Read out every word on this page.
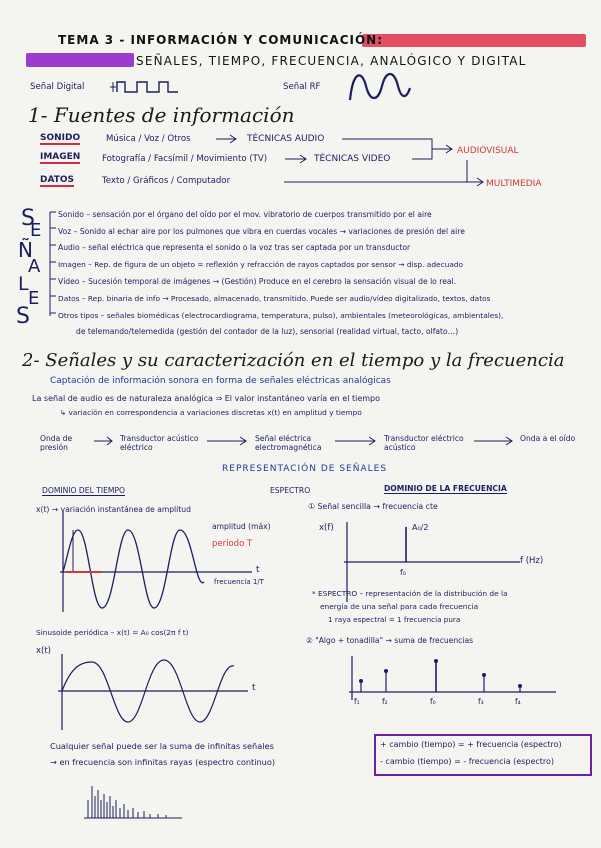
TEMA 3 - INFORMACIÓN Y COMUNICACIÓN:
SEÑALES, TIEMPO, FRECUENCIA, ANALÓGICO Y DIGITAL
Señal Digital	Señal RF
1- Fuentes de información
SONIDO	Música / Voz / Otros	TÉCNICAS AUDIO
IMAGEN	Fotografía / Facsímil / Movimiento (TV)	TÉCNICAS VIDEO
DATOS	Texto / Gráficos / Computador
AUDIOVISUAL
MULTIMEDIA
S
E
Ñ
A
L
E
S
Sonido – sensación por el órgano del oído por el mov. vibratorio de cuerpos transmitido por el aire
Voz – Sonido al echar aire por los pulmones que vibra en cuerdas vocales → variaciones de presión del aire
Audio – señal eléctrica que representa el sonido o la voz tras ser captada por un transductor
Imagen – Rep. de figura de un objeto = reflexión y refracción de rayos captados por sensor → disp. adecuado
Vídeo – Sucesión temporal de imágenes → (Gestión) Produce en el cerebro la sensación visual de lo real.
Datos – Rep. binaria de info → Procesado, almacenado, transmitido. Puede ser audio/vídeo digitalizado, textos, datos
Otros tipos – señales biomédicas (electrocardiograma, temperatura, pulso), ambientales (meteorológicas, ambientales),
de telemando/telemedida (gestión del contador de la luz), sensorial (realidad virtual, tacto, olfato…)
2- Señales y su caracterización en el tiempo y la frecuencia
Captación de información sonora en forma de señales eléctricas analógicas
La señal de audio es de naturaleza analógica ⇒ El valor instantáneo varía en el tiempo
↳ variación en correspondencia a variaciones discretas x(t) en amplitud y tiempo
Onda de presión
Transductor acústico eléctrico
Señal eléctrica electromagnética
Transductor eléctrico acústico
Onda a el oído
REPRESENTACIÓN DE SEÑALES
DOMINIO DEL TIEMPO	ESPECTRO	DOMINIO DE LA FRECUENCIA
x(t) → variación instantánea de amplitud
amplitud (máx)
periodo T
frecuencia 1/T
t
Sinusoide periódica – x(t) = A₀ cos(2π f t)
x(t)
t
① Señal sencilla → frecuencia cte
x(f)	A₀/2
f₀
f (Hz)
* ESPECTRO – representación de la distribución de la
energía de una señal para cada frecuencia
1 raya espectral = 1 frecuencia pura
② "Algo + tonadilla" → suma de frecuencias
f₁	f₂	f₀	f₃	f₄
Cualquier señal puede ser la suma de infinitas señales
→ en frecuencia son infinitas rayas (espectro continuo)
+ cambio (tiempo) = + frecuencia (espectro)
- cambio (tiempo) = - frecuencia (espectro)
